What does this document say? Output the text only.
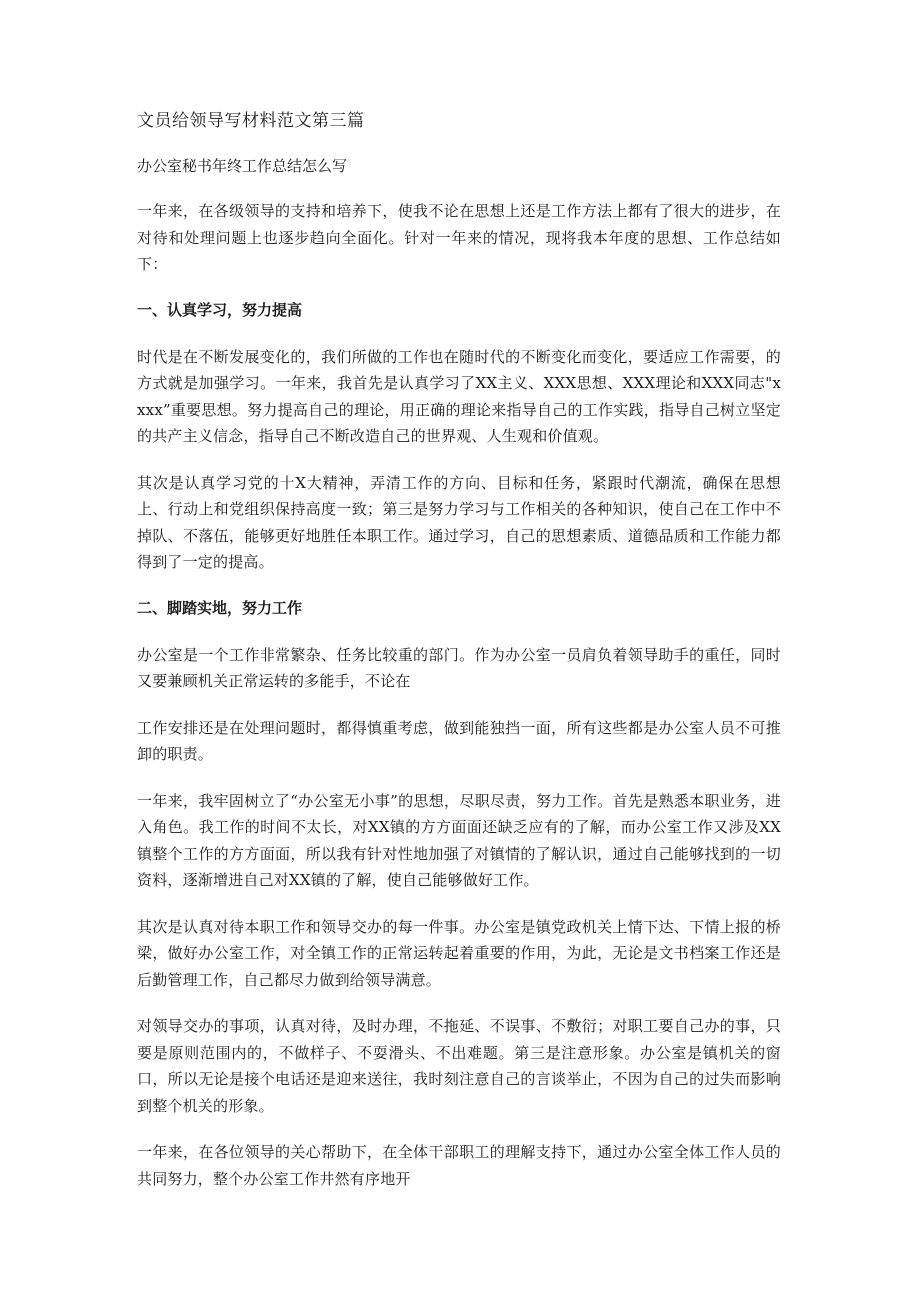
文员给领导写材料范文第三篇
办公室秘书年终工作总结怎么写
一年来，在各级领导的支持和培养下，使我不论在思想上还是工作方法上都有了很大的进步，在对待和处理问题上也逐步趋向全面化。针对一年来的情况，现将我本年度的思想、工作总结如下：
一、认真学习，努力提高
时代是在不断发展变化的，我们所做的工作也在随时代的不断变化而变化，要适应工作需要，的方式就是加强学习。一年来，我首先是认真学习了XX主义、XXX思想、XXX理论和XXX同志"xxxx”重要思想。努力提高自己的理论，用正确的理论来指导自己的工作实践，指导自己树立坚定的共产主义信念，指导自己不断改造自己的世界观、人生观和价值观。
其次是认真学习党的十X大精神，弄清工作的方向、目标和任务，紧跟时代潮流，确保在思想上、行动上和党组织保持高度一致；第三是努力学习与工作相关的各种知识，使自己在工作中不掉队、不落伍，能够更好地胜任本职工作。通过学习，自己的思想素质、道德品质和工作能力都得到了一定的提高。
二、脚踏实地，努力工作
办公室是一个工作非常繁杂、任务比较重的部门。作为办公室一员肩负着领导助手的重任，同时又要兼顾机关正常运转的多能手，不论在
工作安排还是在处理问题时，都得慎重考虑，做到能独挡一面，所有这些都是办公室人员不可推卸的职责。
一年来，我牢固树立了“办公室无小事”的思想，尽职尽责，努力工作。首先是熟悉本职业务，进入角色。我工作的时间不太长，对XX镇的方方面面还缺乏应有的了解，而办公室工作又涉及XX镇整个工作的方方面面，所以我有针对性地加强了对镇情的了解认识，通过自己能够找到的一切资料，逐渐增进自己对XX镇的了解，使自己能够做好工作。
其次是认真对待本职工作和领导交办的每一件事。办公室是镇党政机关上情下达、下情上报的桥梁，做好办公室工作，对全镇工作的正常运转起着重要的作用，为此，无论是文书档案工作还是后勤管理工作，自己都尽力做到给领导满意。
对领导交办的事项，认真对待，及时办理，不拖延、不误事、不敷衍；对职工要自己办的事，只要是原则范围内的，不做样子、不耍滑头、不出难题。第三是注意形象。办公室是镇机关的窗口，所以无论是接个电话还是迎来送往，我时刻注意自己的言谈举止，不因为自己的过失而影响到整个机关的形象。
一年来，在各位领导的关心帮助下，在全体干部职工的理解支持下，通过办公室全体工作人员的共同努力，整个办公室工作井然有序地开
